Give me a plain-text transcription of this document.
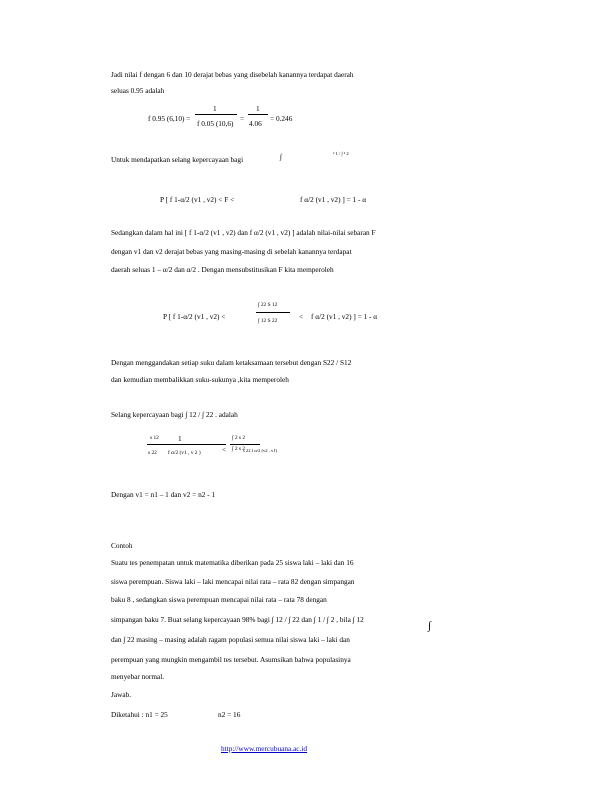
Jadi nilai f dengan 6 dan 10 derajat bebas yang disebelah kanannya terdapat daerah
seluas 0.95 adalah
f 0.95 (6,10) =
1
f 0.05 (10,6)
=
1
4.06
= 0.246
Untuk mendapatkan selang kepercayaan bagi	∫	² 1 / ∫ ² 2
P [ f 1-α/2 (v1 , v2) < F <	f α/2 (v1 , v2) ] = 1 - α
Sedangkan dalam hal ini [ f 1-α/2 (v1 , v2) dan f α/2 (v1 , v2) ] adalah nilai-nilai sebaran F
dengan v1 dan v2 derajat bebas yang masing-masing di sebelah kanannya terdapat
daerah seluas 1 – α/2 dan α/2 . Dengan mensubstitusikan F kita memperoleh
P [ f 1-α/2 (v1 , v2) <
∫ 22 S 12
∫ 12 S 22	< f α/2 (v1 , v2) ] = 1 - α
Dengan menggandakan setiap suku dalam ketaksamaan tersebut dengan S22 / S12
dan kemudian membalikkan suku-sukunya ,kita memperoleh
Selang kepercayaan bagi ∫ 12 / ∫ 22 . adalah
s 12
s 22
1
f α/2 (v1 , v 2 )	<
∫ 2 s 2
∫ 2 s 2
s 22 f α/2 (v2 , v1)
Dengan v1 = n1 – 1 dan v2 = n2 - 1
Contoh
Suatu tes penempatan untuk matematika diberikan pada 25 siswa laki – laki dan 16
siswa perempuan. Siswa laki – laki mencapai nilai rata – rata 82 dengan simpangan
baku 8 , sedangkan siswa perempuan mencapai nilai rata – rata 78 dengan
simpangan baku 7. Buat selang kepercayaan 98% bagi ∫ 12 / ∫ 22 dan ∫ 1 / ∫ 2 , bila ∫ 12
∫
dan ∫ 22 masing – masing adalah ragam populasi semua nilai siswa laki – laki dan
perempuan yang mungkin mengambil tes tersebut. Asumsikan bahwa populasinya
menyebar normal.
Jawab.
Diketahui : n1 = 25	n2 = 16
http://www.mercubuana.ac.id
